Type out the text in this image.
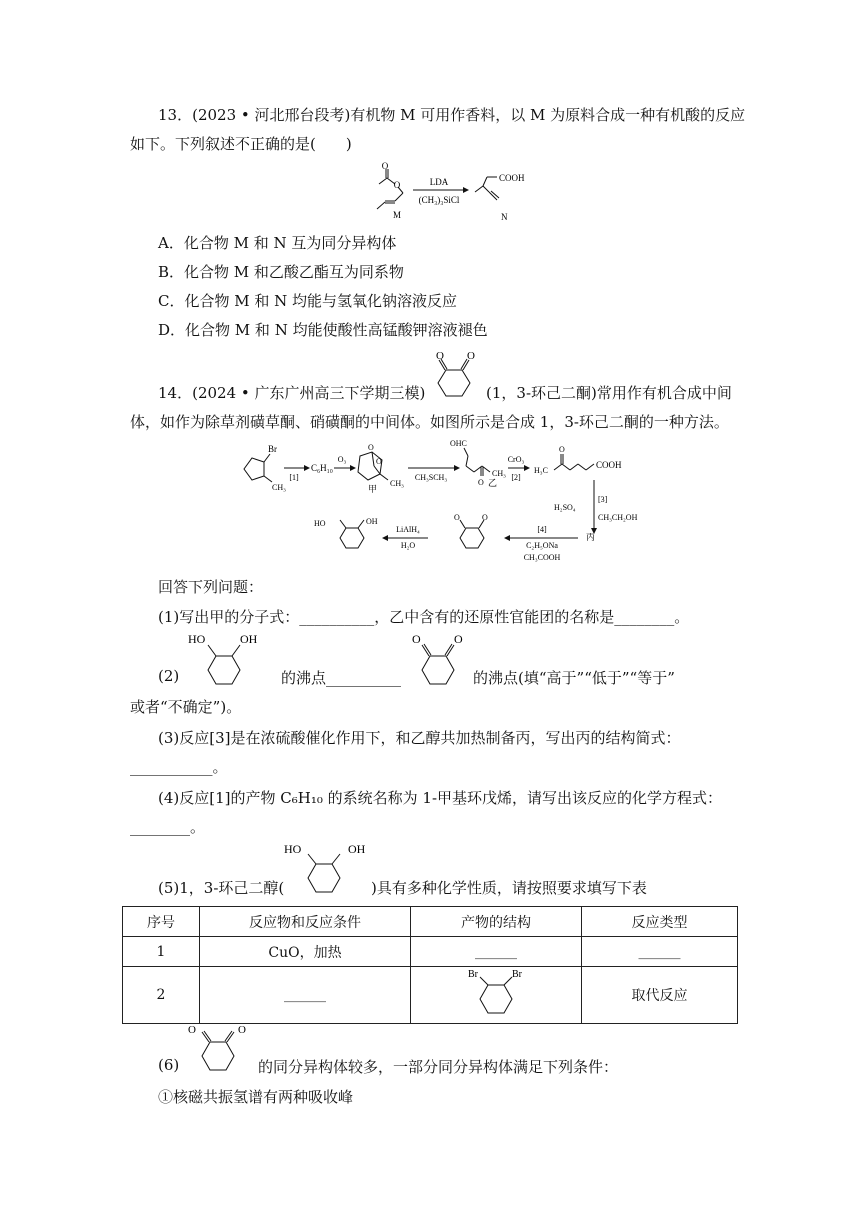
13．(2023 • 河北邢台段考)有机物 M 可用作香料，以 M 为原料合成一种有机酸的反应
如下。下列叙述不正确的是(　　)
O
O
M
LDA
(CH₃)₃SiCl
COOH
N
A．化合物 M 和 N 互为同分异构体
B．化合物 M 和乙酸乙酯互为同系物
C．化合物 M 和 N 均能与氢氧化钠溶液反应
D．化合物 M 和 N 均能使酸性高锰酸钾溶液褪色
14．(2024 • 广东广州高三下学期三模)
O O
(1，3-环己二酮)常用作有机合成中间
体，如作为除草剂磺草酮、硝磺酮的中间体。如图所示是合成 1，3-环己二酮的一种方法。
Br
CH₃
[1]
C₆H₁₀
O₃
O
O
CH₃
甲
CH₃SCH₃
OHC
CH₃
O 乙
CrO₃
[2]
H₃C
O
COOH
H₂SO₄
[3]
CH₃CH₂OH
丙
[4]
C₂H₅ONa
CH₃COOH
O	O
LiAlH₄
H₂O
HO	OH
回答下列问题：
(1)写出甲的分子式：__________，乙中含有的还原性官能团的名称是________。
(2)
HO	OH
的沸点__________
O	O
的沸点(填“高于”“低于”“等于”
或者“不确定”)。
(3)反应[3]是在浓硫酸催化作用下，和乙醇共加热制备丙，写出丙的结构简式：
___________。
(4)反应[1]的产物 C₆H₁₀ 的系统名称为 1-甲基环戊烯，请写出该反应的化学方程式：
________。
(5)1，3-环己二醇(
HO	OH
)具有多种化学性质，请按照要求填写下表
序号	反应物和反应条件	产物的结构	反应类型
1	CuO，加热	______	______
2	______	Br Br	取代反应
(6)
O	O
的同分异构体较多，一部分同分异构体满足下列条件：
①核磁共振氢谱有两种吸收峰
